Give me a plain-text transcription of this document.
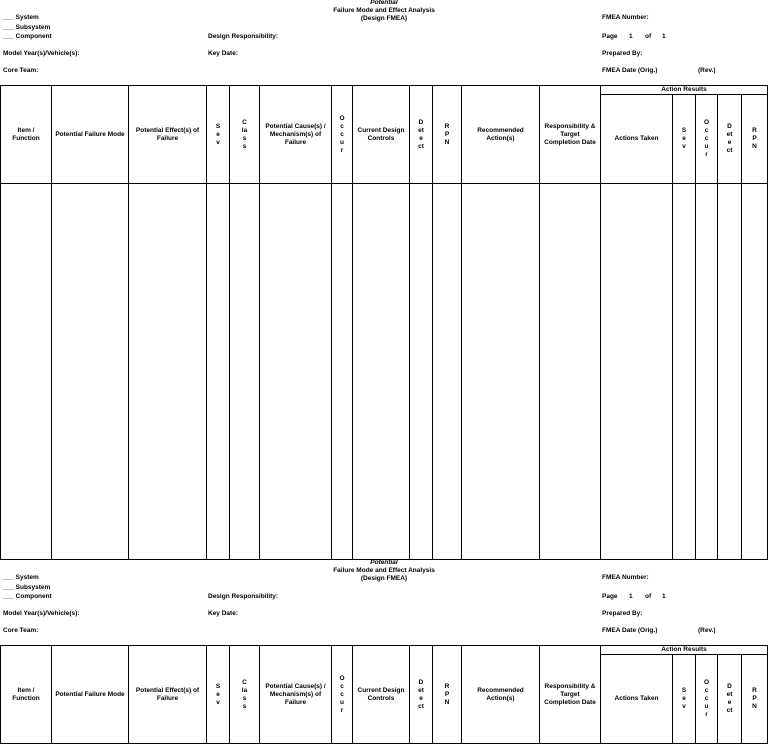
Potential
Failure Mode and Effect Analysis
(Design FMEA)
___ System
___ Subsystem
___ Component	Design Responsibility:
Model Year(s)/Vehicle(s):	Key Date:
Core Team:
FMEA Number:
Page 1 of 1
Prepared By:
FMEA Date (Orig.)	(Rev.)
Item / Function	Potential Failure Mode	Potential Effect(s) of Failure	Sev	Class	Potential Cause(s) / Mechanism(s) of Failure	Occur	Current Design Controls	Detect	RPN	Recommended Action(s)	Responsibility & Target Completion Date	Action Results				
												Actions Taken	Sev	Occur	Detect	RPN

Potential
Failure Mode and Effect Analysis
(Design FMEA)
___ System
___ Subsystem
___ Component	Design Responsibility:
Model Year(s)/Vehicle(s):	Key Date:
Core Team:
FMEA Number:
Page 1 of 1
Prepared By:
FMEA Date (Orig.)	(Rev.)
Item / Function	Potential Failure Mode	Potential Effect(s) of Failure	Sev	Class	Potential Cause(s) / Mechanism(s) of Failure	Occur	Current Design Controls	Detect	RPN	Recommended Action(s)	Responsibility & Target Completion Date	Action Results				
												Actions Taken	Sev	Occur	Detect	RPN
